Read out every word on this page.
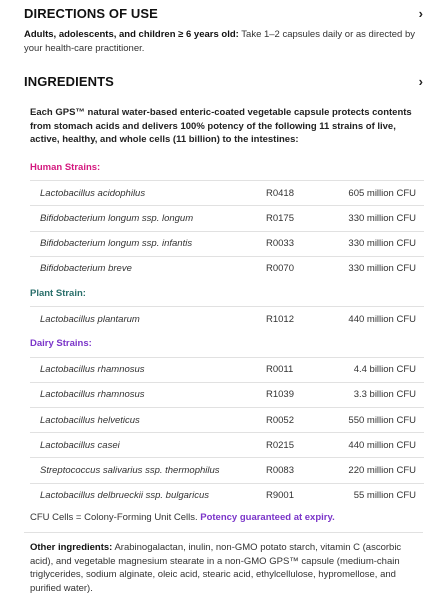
DIRECTIONS OF USE	›
Adults, adolescents, and children ≥ 6 years old: Take 1–2 capsules daily or as directed by your health-care practitioner.
INGREDIENTS	›
Each GPS™ natural water-based enteric-coated vegetable capsule protects contents from stomach acids and delivers 100% potency of the following 11 strains of live, active, healthy, and whole cells (11 billion) to the intestines:
Human Strains:
Lactobacillus acidophilus	R0418	605 million CFU
Bifidobacterium longum ssp. longum	R0175	330 million CFU
Bifidobacterium longum ssp. infantis	R0033	330 million CFU
Bifidobacterium breve	R0070	330 million CFU
Plant Strain:
Lactobacillus plantarum	R1012	440 million CFU
Dairy Strains:
Lactobacillus rhamnosus	R0011	4.4 billion CFU
Lactobacillus rhamnosus	R1039	3.3 billion CFU
Lactobacillus helveticus	R0052	550 million CFU
Lactobacillus casei	R0215	440 million CFU
Streptococcus salivarius ssp. thermophilus	R0083	220 million CFU
Lactobacillus delbrueckii ssp. bulgaricus	R9001	55 million CFU
CFU Cells = Colony-Forming Unit Cells. Potency guaranteed at expiry.
Other ingredients: Arabinogalactan, inulin, non-GMO potato starch, vitamin C (ascorbic acid), and vegetable magnesium stearate in a non-GMO GPS™ capsule (medium-chain triglycerides, sodium alginate, oleic acid, stearic acid, ethylcellulose, hypromellose, and purified water).
